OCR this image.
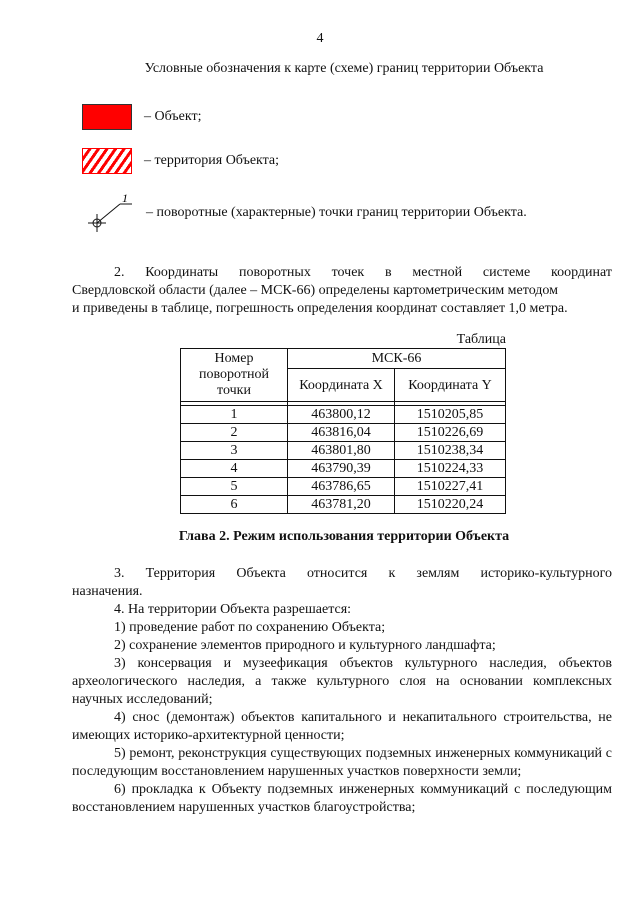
4
Условные обозначения к карте (схеме) границ территории Объекта
– Объект;
– территория Объекта;
1
– поворотные (характерные) точки границ территории Объекта.
2. Координаты поворотных точек в местной системе координат
Свердловской области (далее – МСК-66) определены картометрическим методом
и приведены в таблице, погрешность определения координат составляет 1,0 метра.
Таблица
Номер поворотной точки	МСК-66	
	Координата X	Координата Y

1	463800,12	1510205,85
2	463816,04	1510226,69
3	463801,80	1510238,34
4	463790,39	1510224,33
5	463786,65	1510227,41
6	463781,20	1510220,24
Глава 2. Режим использования территории Объекта
3. Территория Объекта относится к землям историко-культурного
назначения.
4. На территории Объекта разрешается:
1) проведение работ по сохранению Объекта;
2) сохранение элементов природного и культурного ландшафта;
3) консервация и музеефикация объектов культурного наследия, объектов археологического наследия, а также культурного слоя на основании комплексных научных исследований;
4) снос (демонтаж) объектов капитального и некапитального строительства, не имеющих историко-архитектурной ценности;
5) ремонт, реконструкция существующих подземных инженерных коммуникаций с последующим восстановлением нарушенных участков поверхности земли;
6) прокладка к Объекту подземных инженерных коммуникаций с последующим восстановлением нарушенных участков благоустройства;
